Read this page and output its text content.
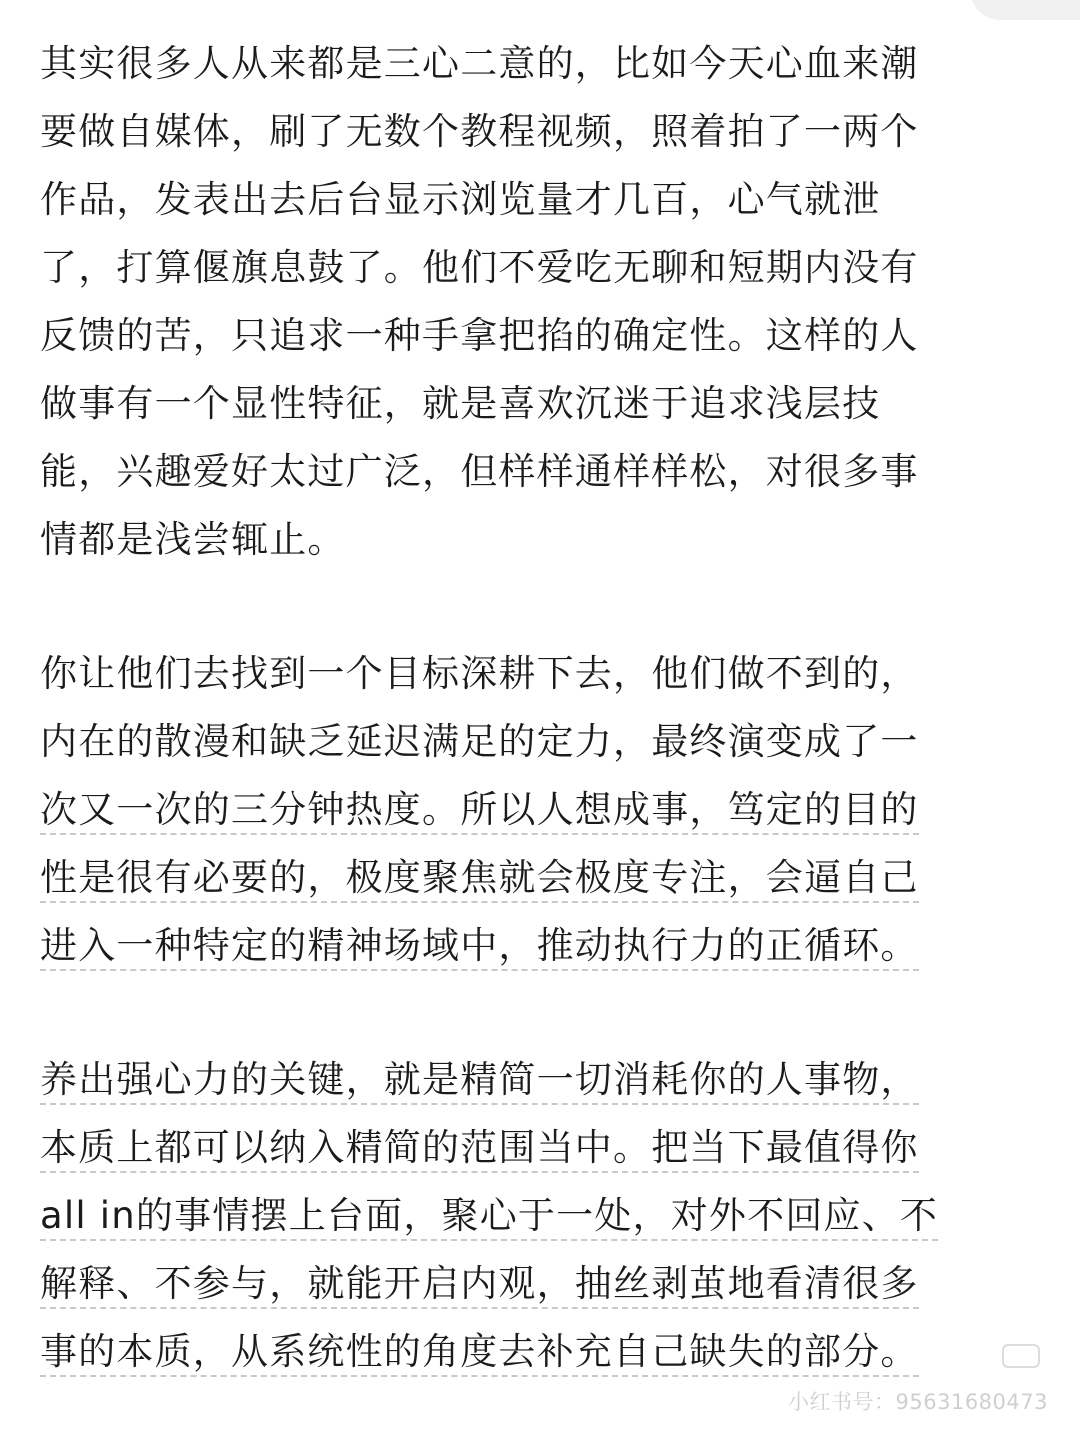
其实很多人从来都是三心二意的，比如今天心血来潮
要做自媒体，刷了无数个教程视频，照着拍了一两个
作品，发表出去后台显示浏览量才几百，心气就泄
了，打算偃旗息鼓了。他们不爱吃无聊和短期内没有
反馈的苦，只追求一种手拿把掐的确定性。这样的人
做事有一个显性特征，就是喜欢沉迷于追求浅层技
能，兴趣爱好太过广泛，但样样通样样松，对很多事
情都是浅尝辄止。
你让他们去找到一个目标深耕下去，他们做不到的，
内在的散漫和缺乏延迟满足的定力，最终演变成了一
次又一次的三分钟热度。所以人想成事，笃定的目的
性是很有必要的，极度聚焦就会极度专注，会逼自己
进入一种特定的精神场域中，推动执行力的正循环。
养出强心力的关键，就是精简一切消耗你的人事物，
本质上都可以纳入精简的范围当中。把当下最值得你
all in的事情摆上台面，聚心于一处，对外不回应、不
解释、不参与，就能开启内观，抽丝剥茧地看清很多
事的本质，从系统性的角度去补充自己缺失的部分。
小红书号：95631680473
